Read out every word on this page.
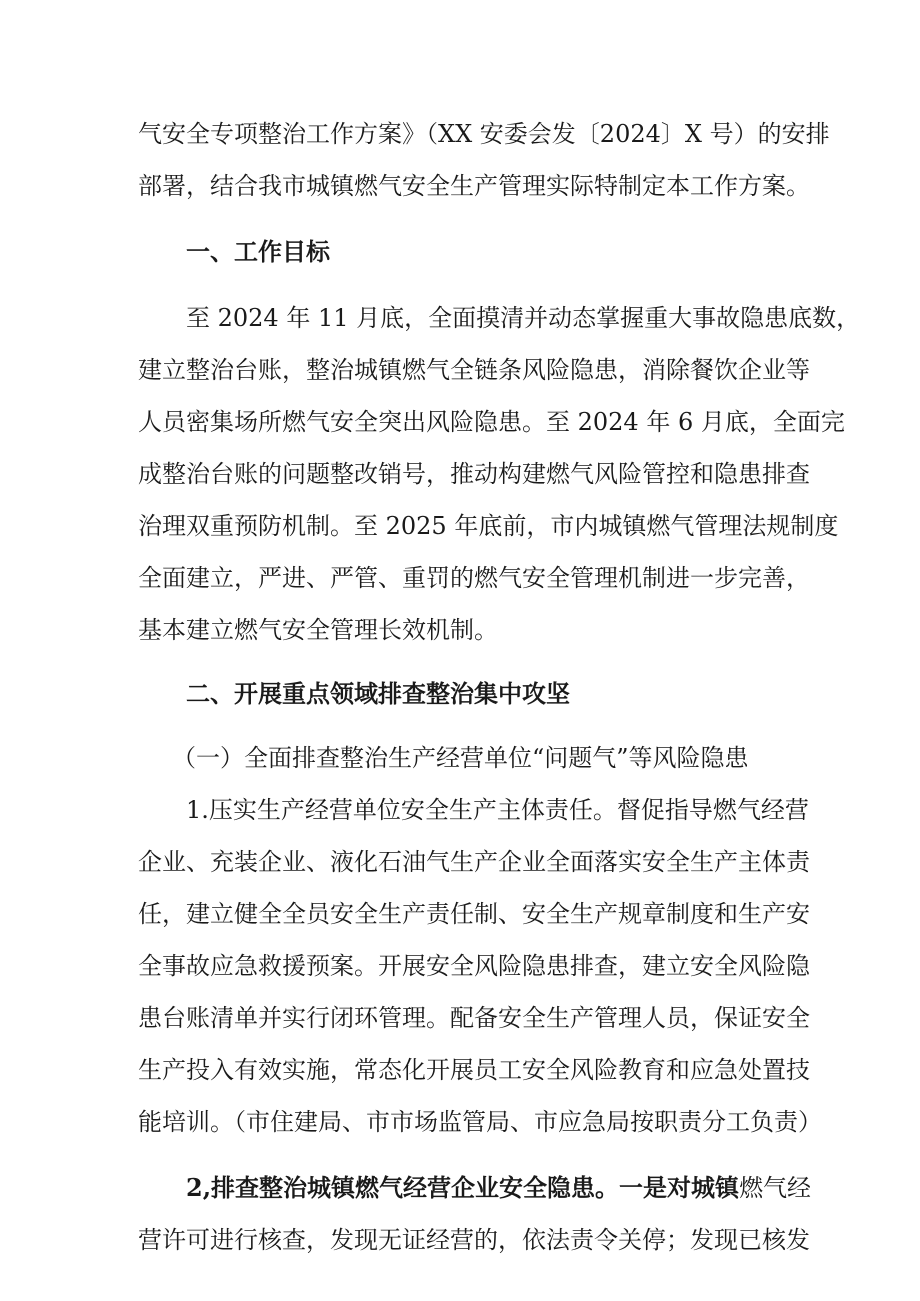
气安全专项整治工作方案》（XX 安委会发〔2024〕X 号）的安排
部署，结合我市城镇燃气安全生产管理实际特制定本工作方案。
一、工作目标
至 2024 年 11 月底，全面摸清并动态掌握重大事故隐患底数，
建立整治台账，整治城镇燃气全链条风险隐患，消除餐饮企业等
人员密集场所燃气安全突出风险隐患。至 2024 年 6 月底，全面完
成整治台账的问题整改销号，推动构建燃气风险管控和隐患排查
治理双重预防机制。至 2025 年底前，市内城镇燃气管理法规制度
全面建立，严进、严管、重罚的燃气安全管理机制进一步完善，
基本建立燃气安全管理长效机制。
二、开展重点领域排查整治集中攻坚
（一）全面排查整治生产经营单位“问题气”等风险隐患
1.压实生产经营单位安全生产主体责任。督促指导燃气经营
企业、充装企业、液化石油气生产企业全面落实安全生产主体责
任，建立健全全员安全生产责任制、安全生产规章制度和生产安
全事故应急救援预案。开展安全风险隐患排查，建立安全风险隐
患台账清单并实行闭环管理。配备安全生产管理人员，保证安全
生产投入有效实施，常态化开展员工安全风险教育和应急处置技
能培训。（市住建局、市市场监管局、市应急局按职责分工负责）
2,排查整治城镇燃气经营企业安全隐患。一是对城镇燃气经
营许可进行核查，发现无证经营的，依法责令关停；发现已核发
